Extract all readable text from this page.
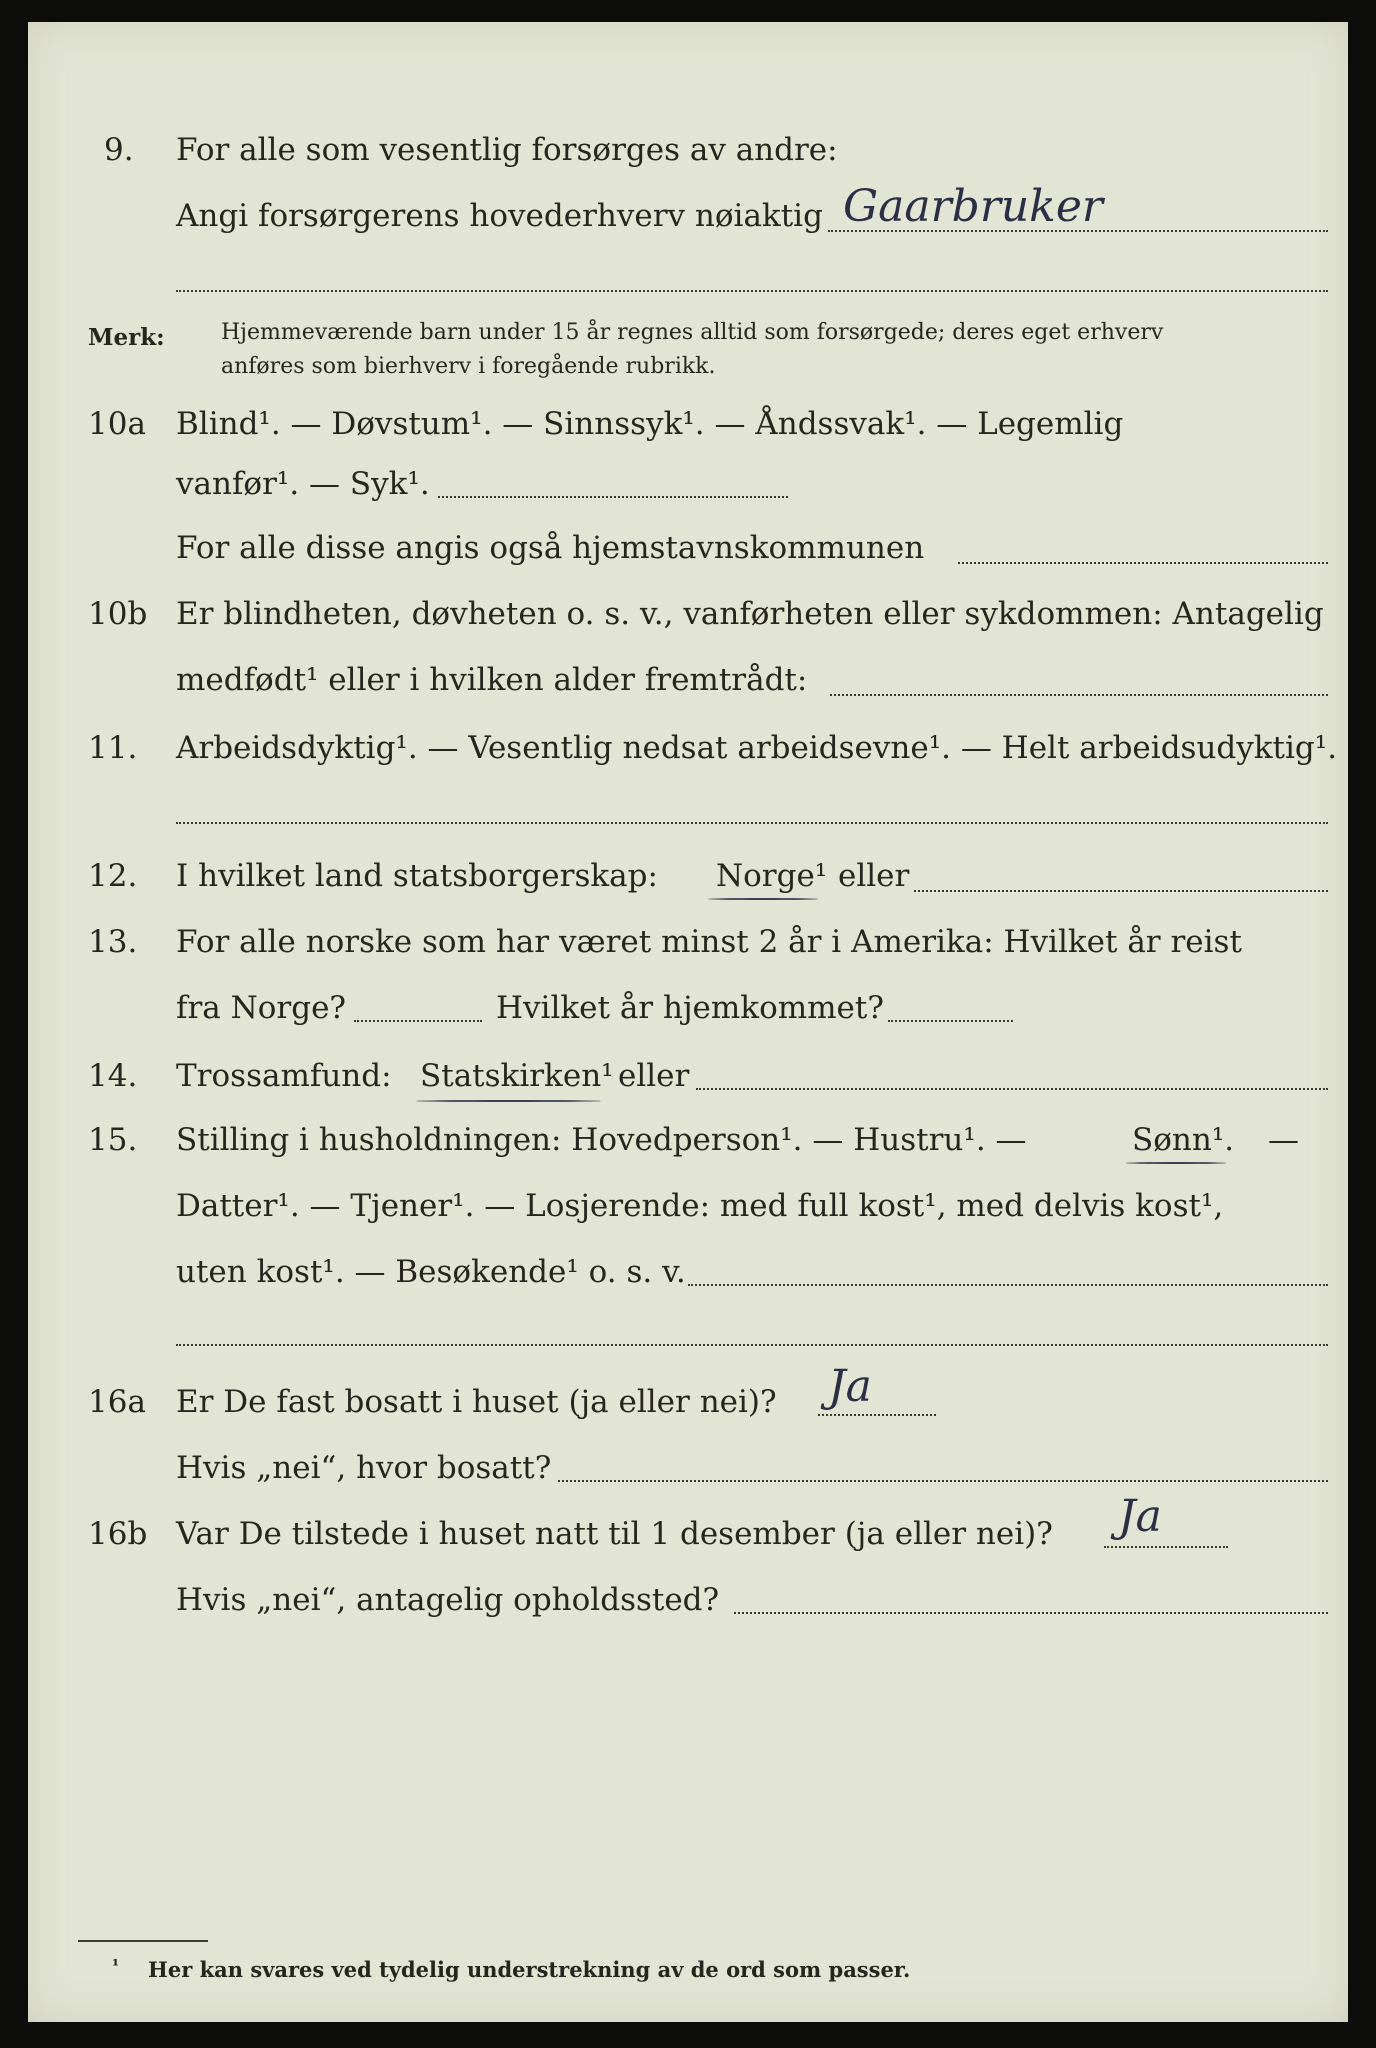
9. For alle som vesentlig forsørges av andre:
Angi forsørgerens hovederhverv nøiaktig Gaarbruker
Merk:	Hjemmeværende barn under 15 år regnes alltid som forsørgede; deres eget erhverv
anføres som bierhverv i foregående rubrikk.
10a Blind¹. — Døvstum¹. — Sinnssyk¹. — Åndssvak¹. — Legemlig
vanfør¹. — Syk¹.
For alle disse angis også hjemstavnskommunen
10b Er blindheten, døvheten o. s. v., vanførheten eller sykdommen: Antagelig
medfødt¹ eller i hvilken alder fremtrådt:
11. Arbeidsdyktig¹. — Vesentlig nedsat arbeidsevne¹. — Helt arbeidsudyktig¹.
12. I hvilket land statsborgerskap: Norge¹ eller
13. For alle norske som har været minst 2 år i Amerika: Hvilket år reist
fra Norge?	Hvilket år hjemkommet?
14. Trossamfund: Statskirken¹ eller
15. Stilling i husholdningen: Hovedperson¹. — Hustru¹. —	Sønn¹. —
Datter¹. — Tjener¹. — Losjerende: med full kost¹, med delvis kost¹,
uten kost¹. — Besøkende¹ o. s. v.
16a Er De fast bosatt i huset (ja eller nei)? Ja
Hvis „nei“, hvor bosatt?
16b Var De tilstede i huset natt til 1 desember (ja eller nei)? Ja
Hvis „nei“, antagelig opholdssted?
¹ Her kan svares ved tydelig understrekning av de ord som passer.
